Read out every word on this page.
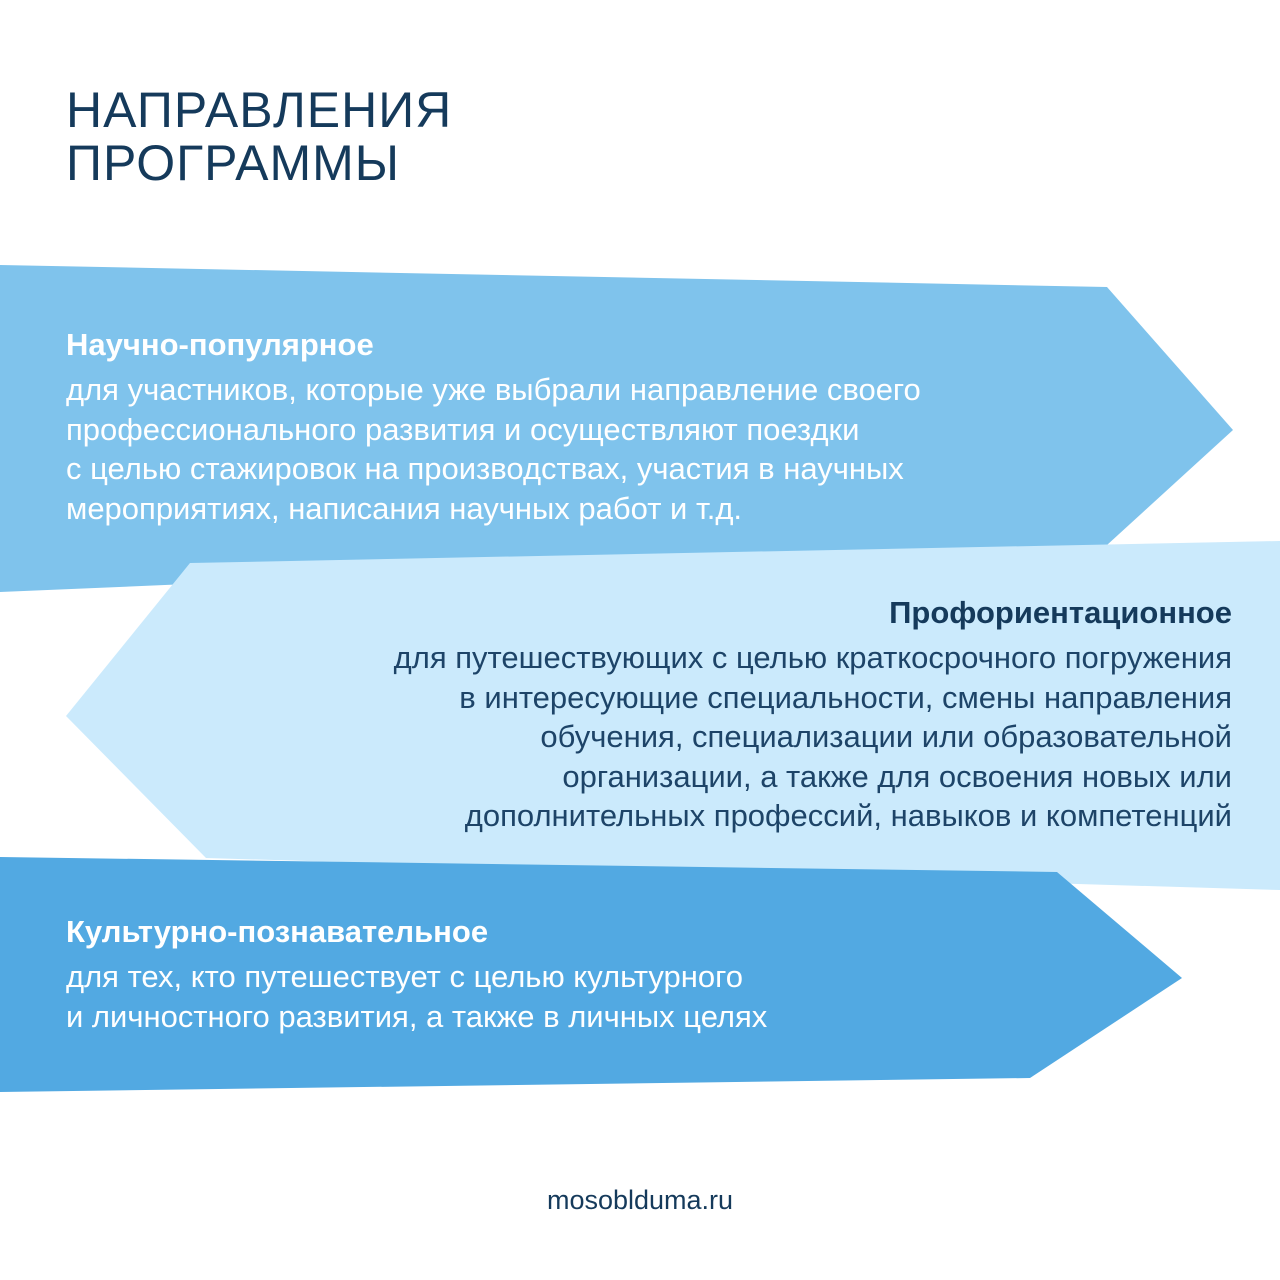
НАПРАВЛЕНИЯ
ПРОГРАММЫ
Научно-популярное
для участников, которые уже выбрали направление своего
профессионального развития и осуществляют поездки
с целью стажировок на производствах, участия в научных
мероприятиях, написания научных работ и т.д.
Профориентационное
для путешествующих с целью краткосрочного погружения
в интересующие специальности, смены направления
обучения, специализации или образовательной
организации, а также для освоения новых или
дополнительных профессий, навыков и компетенций
Культурно-познавательное
для тех, кто путешествует с целью культурного
и личностного развития, а также в личных целях
mosobldumа.ru
